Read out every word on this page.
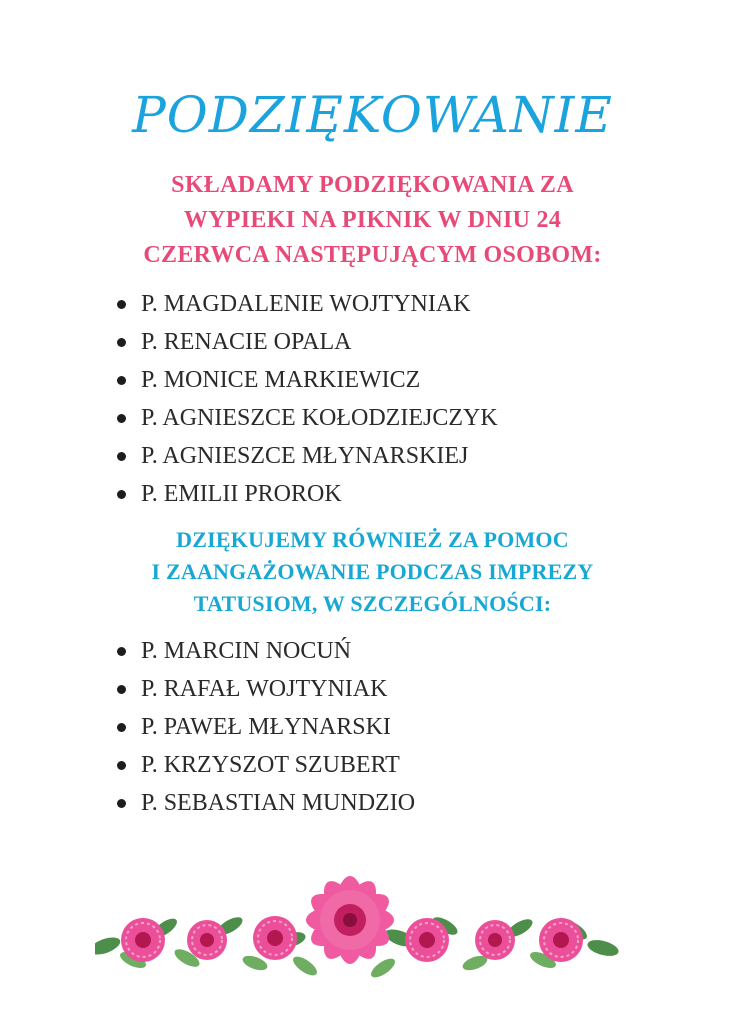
PODZIĘKOWANIE
SKŁADAMY PODZIĘKOWANIA ZA
WYPIEKI NA PIKNIK W DNIU 24
CZERWCA NASTĘPUJĄCYM OSOBOM:
P. MAGDALENIE WOJTYNIAK
P. RENACIE OPALA
P. MONICE MARKIEWICZ
P. AGNIESZCE KOŁODZIEJCZYK
P. AGNIESZCE MŁYNARSKIEJ
P. EMILII PROROK
DZIĘKUJEMY RÓWNIEŻ ZA POMOC
I ZAANGAŻOWANIE PODCZAS IMPREZY
TATUSIOM, W SZCZEGÓLNOŚCI:
P. MARCIN NOCUŃ
P. RAFAŁ WOJTYNIAK
P. PAWEŁ MŁYNARSKI
P. KRZYSZOT SZUBERT
P. SEBASTIAN MUNDZIO
